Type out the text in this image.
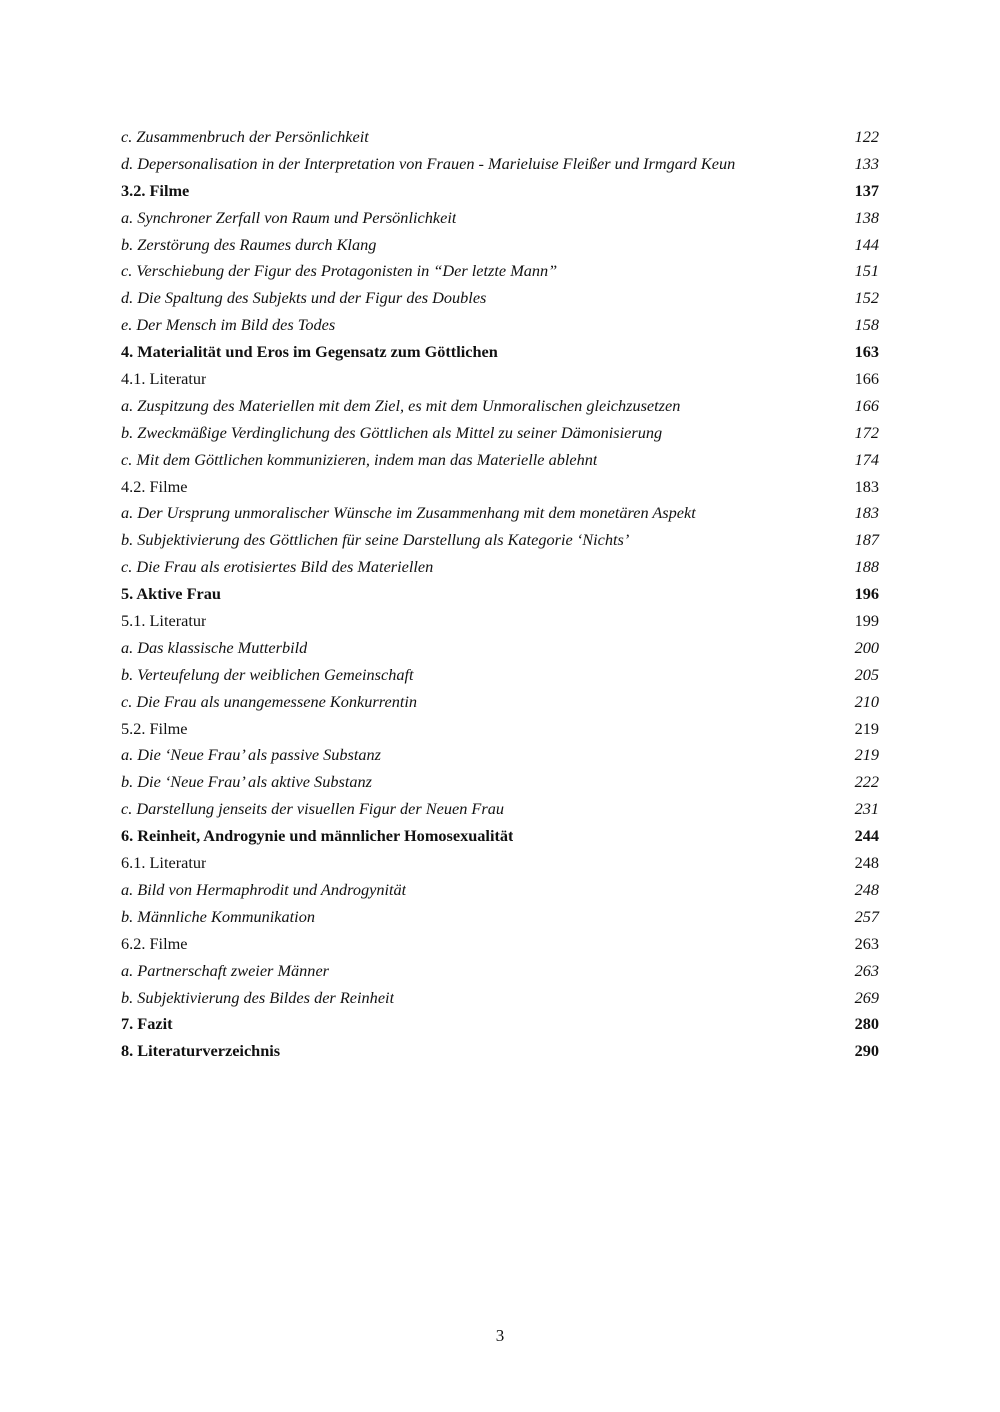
c. Zusammenbruch der Persönlichkeit	122
d. Depersonalisation in der Interpretation von Frauen - Marieluise Fleißer und Irmgard Keun	133
3.2. Filme	137
a. Synchroner Zerfall von Raum und Persönlichkeit	138
b. Zerstörung des Raumes durch Klang	144
c. Verschiebung der Figur des Protagonisten in “Der letzte Mann”	151
d. Die Spaltung des Subjekts und der Figur des Doubles	152
e. Der Mensch im Bild des Todes	158
4. Materialität und Eros im Gegensatz zum Göttlichen	163
4.1. Literatur	166
a. Zuspitzung des Materiellen mit dem Ziel, es mit dem Unmoralischen gleichzusetzen	166
b. Zweckmäßige Verdinglichung des Göttlichen als Mittel zu seiner Dämonisierung	172
c. Mit dem Göttlichen kommunizieren, indem man das Materielle ablehnt	174
4.2. Filme	183
a. Der Ursprung unmoralischer Wünsche im Zusammenhang mit dem monetären Aspekt	183
b. Subjektivierung des Göttlichen für seine Darstellung als Kategorie ‘Nichts’	187
c. Die Frau als erotisiertes Bild des Materiellen	188
5. Aktive Frau	196
5.1. Literatur	199
a. Das klassische Mutterbild	200
b. Verteufelung der weiblichen Gemeinschaft	205
c. Die Frau als unangemessene Konkurrentin	210
5.2. Filme	219
a. Die ‘Neue Frau’ als passive Substanz	219
b. Die ‘Neue Frau’ als aktive Substanz	222
c. Darstellung jenseits der visuellen Figur der Neuen Frau	231
6. Reinheit, Androgynie und männlicher Homosexualität	244
6.1. Literatur	248
a. Bild von Hermaphrodit und Androgynität	248
b. Männliche Kommunikation	257
6.2. Filme	263
a. Partnerschaft zweier Männer	263
b. Subjektivierung des Bildes der Reinheit	269
7. Fazit	280
8. Literaturverzeichnis	290
3
